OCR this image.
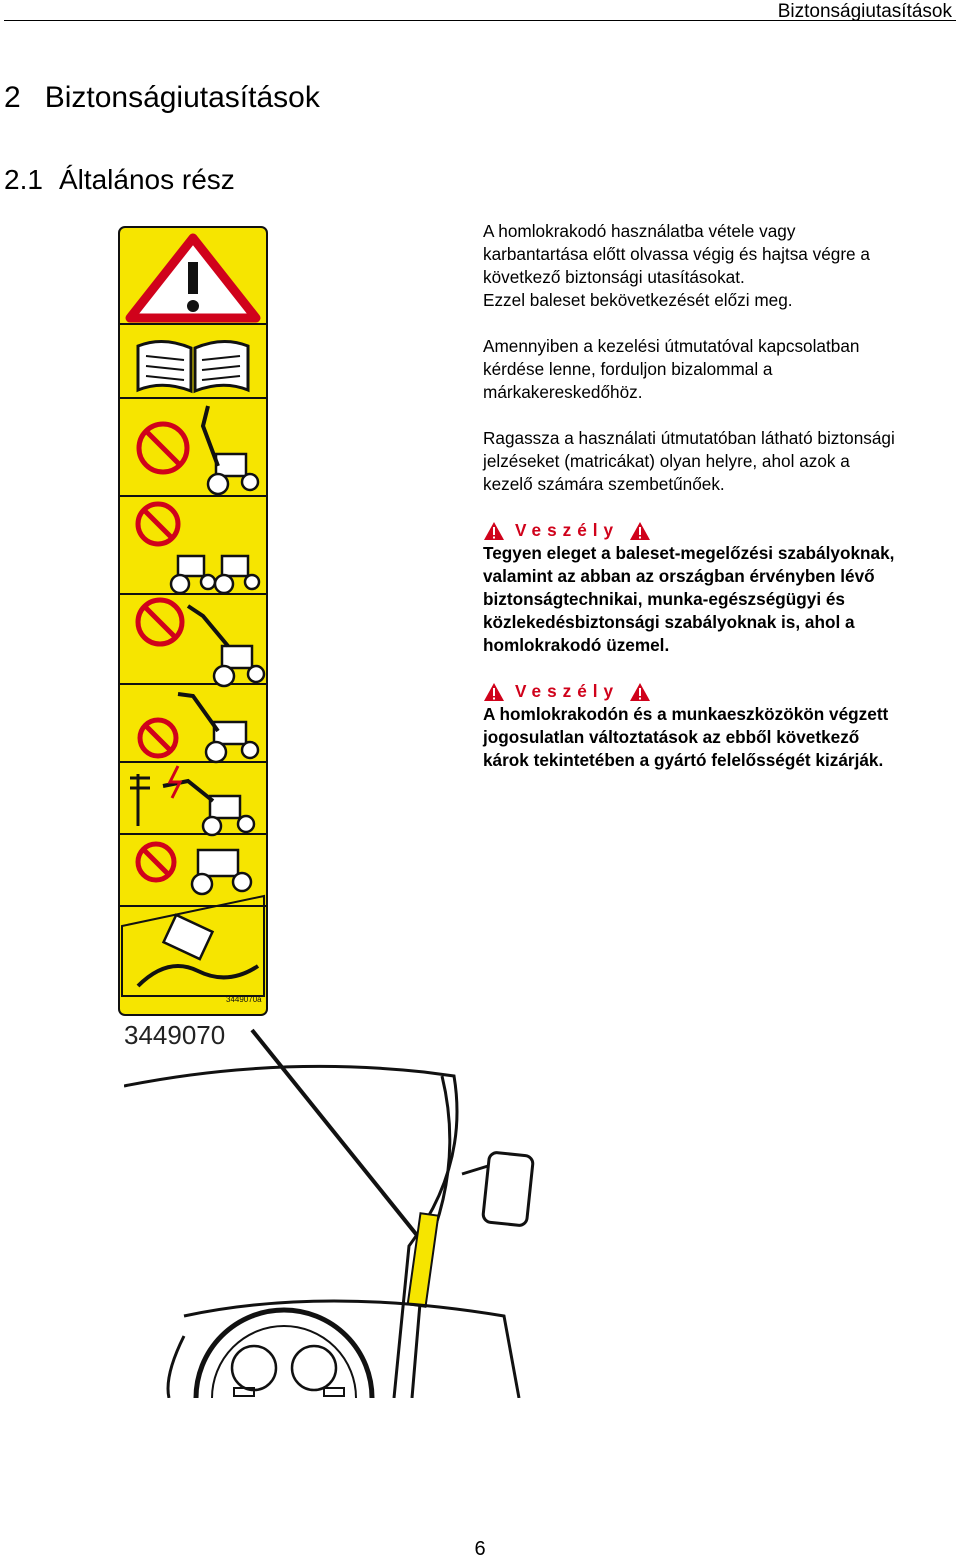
Biztonságiutasítások
2 Biztonságiutasítások
2.1 Általános rész

A homlokrakodó használatba vétele vagy
karbantartása előtt olvassa végig és hajtsa végre a
következő biztonsági utasításokat.
Ezzel baleset bekövetkezését előzi meg.

Amennyiben a kezelési útmutatóval kapcsolatban
kérdése lenne, forduljon bizalommal a
márkakereskedőhöz.

Ragassza a használati útmutatóban látható biztonsági
jelzéseket (matricákat) olyan helyre, ahol azok a
kezelő számára szembetűnőek.

Veszély

Tegyen eleget a baleset-megelőzési szabályoknak,
valamint az abban az országban érvényben lévő
biztonságtechnikai, munka-egészségügyi és
közlekedésbiztonsági szabályoknak is, ahol a
homlokrakodó üzemel.

Veszély

A homlokrakodón és a munkaeszközökön végzett
jogosulatlan változtatások az ebből következő
károk tekintetében a gyártó felelősségét kizárják.

3449070a
3449070
6
